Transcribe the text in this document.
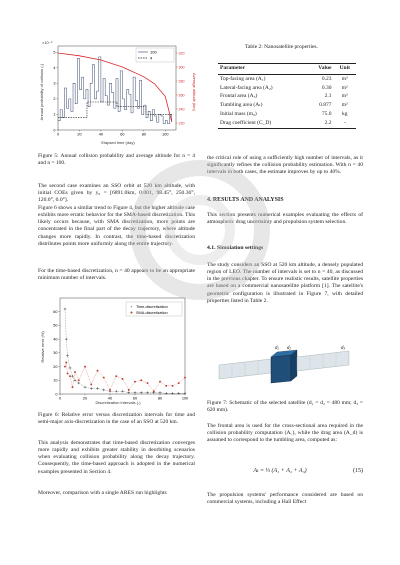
×10⁻⁵
Annual probability of collision (-)	Average altitude (km)
Elapsed time (day)
0	20	40	60	80	100
0
1
2
3
4
5
220
240
260
280
300
320
100
4

Figure 5: Annual collision probability and average altitude for n = 4 and n = 100.

The second case examines an SSO orbit at 520 km altitude, with initial COEs given by y₀ = [6891.0km, 0.001, 98.45°, 250.36°, 120.0°, 0.0°].

Figure 6 shows a similar trend to Figure 4, but the higher altitude case exhibits more erratic behavior for the SMA-based discretization. This likely occurs because, with SMA discretization, more points are concentrated in the final part of the decay trajectory, where altitude changes more rapidly. In contrast, the time-based discretization distributes points more uniformly along the entire trajectory.

For the time-based discretization, n = 40 appears to be an appropriate minimum number of intervals.

Relative error (%)
Discretization intervals (-)
0	20	40	60	80	100
0
10
20
30
40
50
60
+ Time-discretization
SMA-discretization

Figure 6: Relative error versus discretization intervals for time and semi-major axis-discretization in the case of an SSO at 520 km.

This analysis demonstrates that time-based discretization converges more rapidly and exhibits greater stability in deorbiting scenarios when evaluating collision probability along the decay trajectory. Consequently, the time-based approach is adopted in the numerical examples presented in Section 4.

Moreover, comparison with a single ARES run highlights

Table 2: Nanosatellite properties.

Parameter	Value	Unit
Top-facing area (A₁)	0.23	m²
Lateral-facing area (A₂)	0.30	m²
Frontal area (A₃)	2.1	m²
Tumbling area (Aₜ)	0.877	m²
Initial mass (m₀)	75.0	kg
Drag coefficient (C_D)	2.2	-

the critical role of using a sufficiently high number of intervals, as it significantly refines the collision probability estimation. With n = 40 intervals in both cases, the estimate improves by up to 40%.

4. RESULTS AND ANALYSIS

This section presents numerical examples evaluating the effects of atmospheric drag uncertainty and propulsion system selection.

4.1. Simulation settings

The study considers an SSO at 520 km altitude, a densely populated region of LEO. The number of intervals is set to n = 40, as discussed in the previous chapter. To ensure realistic results, satellite properties are based on a commercial nanosatellite platform [1]. The satellite's geometric configuration is illustrated in Figure 7, with detailed properties listed in Table 2.

d₁ d₂	d₃

Figure 7: Schematic of the selected satellite (d₁ = d₂ = 480 mm; d₃ = 620 mm).

The frontal area is used for the cross-sectional area required in the collision probability computation (A꜀), while the drag area (A_d) is assumed to correspond to the tumbling area, computed as:

Aₜ = ⅓ (A₁ + A₂ + A₃)	(15)

The propulsion systems' performance considered are based on commercial systems, including a Hall Effect
